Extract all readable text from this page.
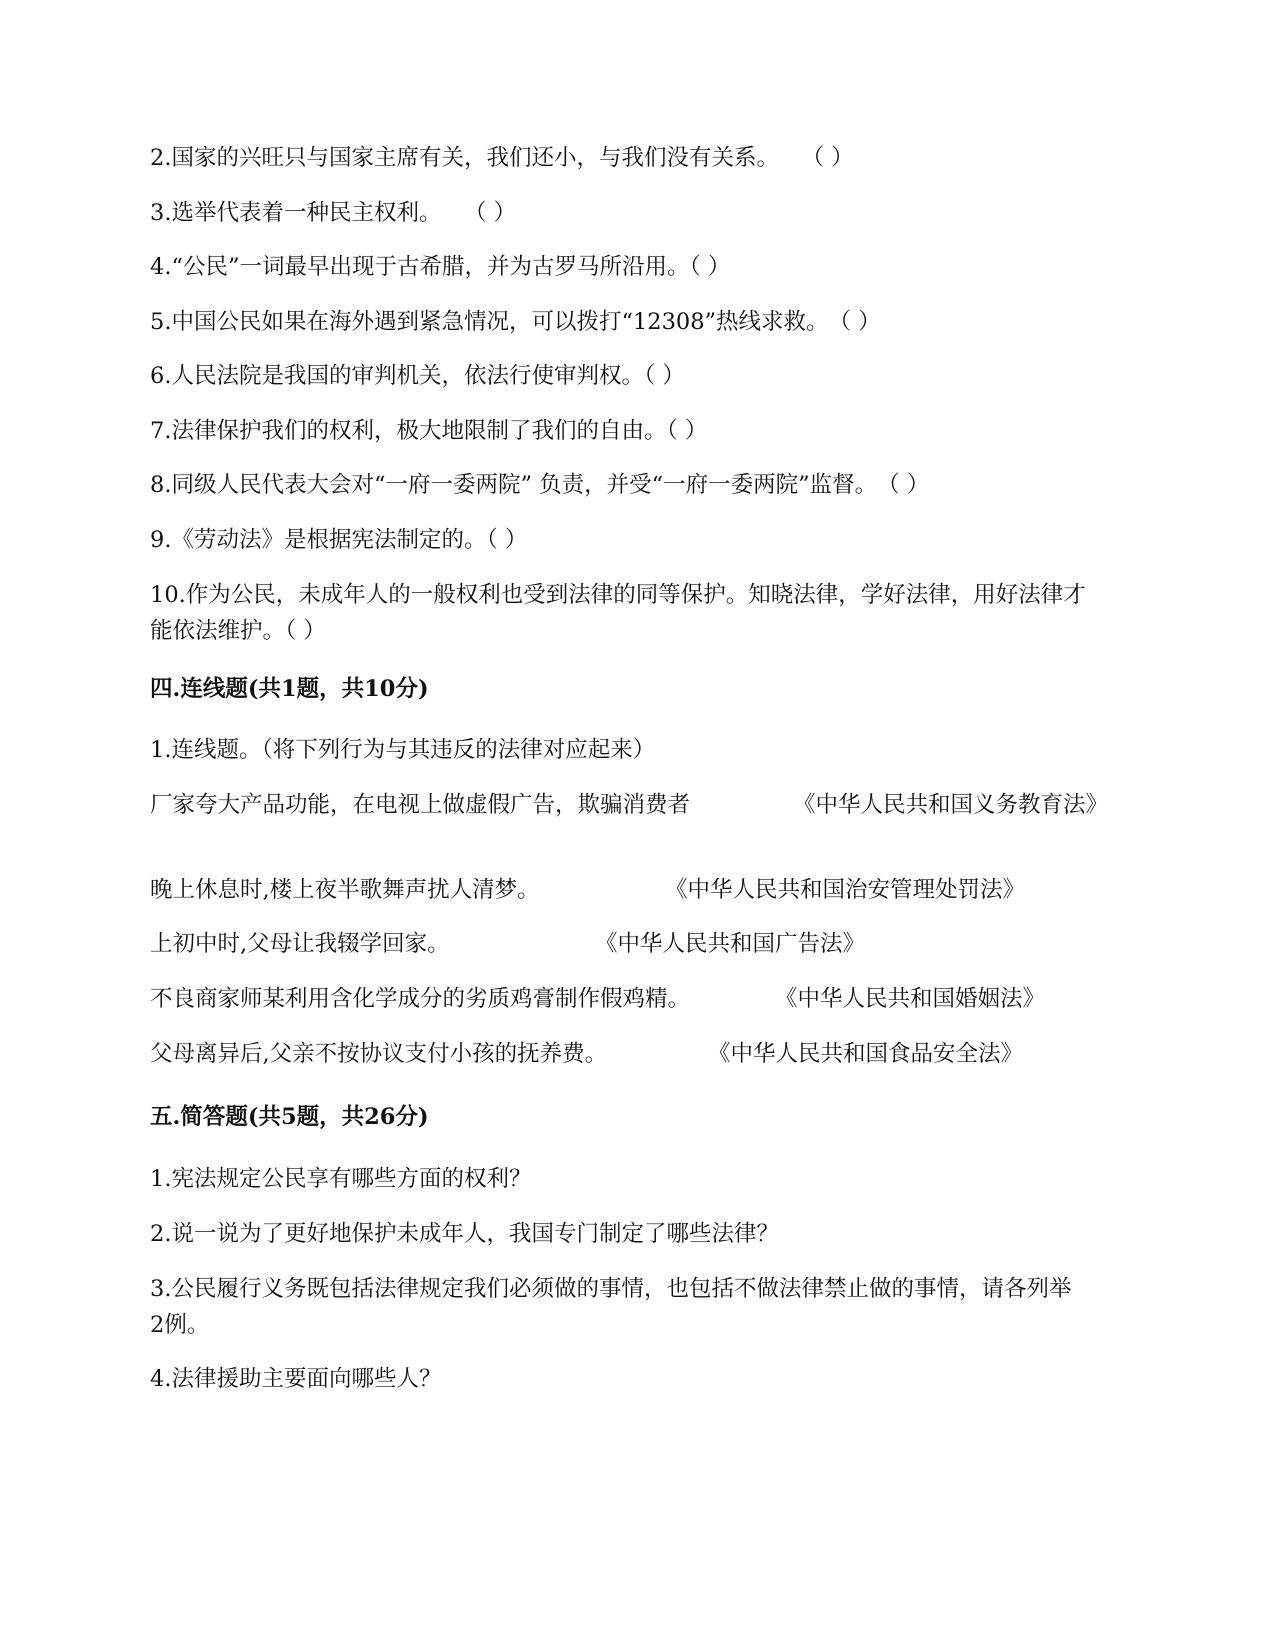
2.国家的兴旺只与国家主席有关，我们还小，与我们没有关系。　　（ ）
3.选举代表着一种民主权利。　　（ ）
4.“公民”一词最早出现于古希腊，并为古罗马所沿用。（ ）
5.中国公民如果在海外遇到紧急情况，可以拨打“12308”热线求救。　（ ）
6.人民法院是我国的审判机关，依法行使审判权。（ ）
7.法律保护我们的权利，极大地限制了我们的自由。（ ）
8.同级人民代表大会对“一府一委两院” 负责，并受“一府一委两院”监督。　（ ）
9.《劳动法》是根据宪法制定的。（ ）
10.作为公民，未成年人的一般权利也受到法律的同等保护。知晓法律，学好法律，用好法律才能依法维护。（ ）
四.连线题(共1题，共10分)
1.连线题。（将下列行为与其违反的法律对应起来）
厂家夸大产品功能，在电视上做虚假广告，欺骗消费者	《中华人民共和国义务教育法》
晚上休息时,楼上夜半歌舞声扰人清梦。	《中华人民共和国治安管理处罚法》
上初中时,父母让我辍学回家。	《中华人民共和国广告法》
不良商家师某利用含化学成分的劣质鸡膏制作假鸡精。	《中华人民共和国婚姻法》
父母离异后,父亲不按协议支付小孩的抚养费。	《中华人民共和国食品安全法》
五.简答题(共5题，共26分)
1.宪法规定公民享有哪些方面的权利？
2.说一说为了更好地保护未成年人，我国专门制定了哪些法律？
3.公民履行义务既包括法律规定我们必须做的事情，也包括不做法律禁止做的事情，请各列举2例。
4.法律援助主要面向哪些人？
